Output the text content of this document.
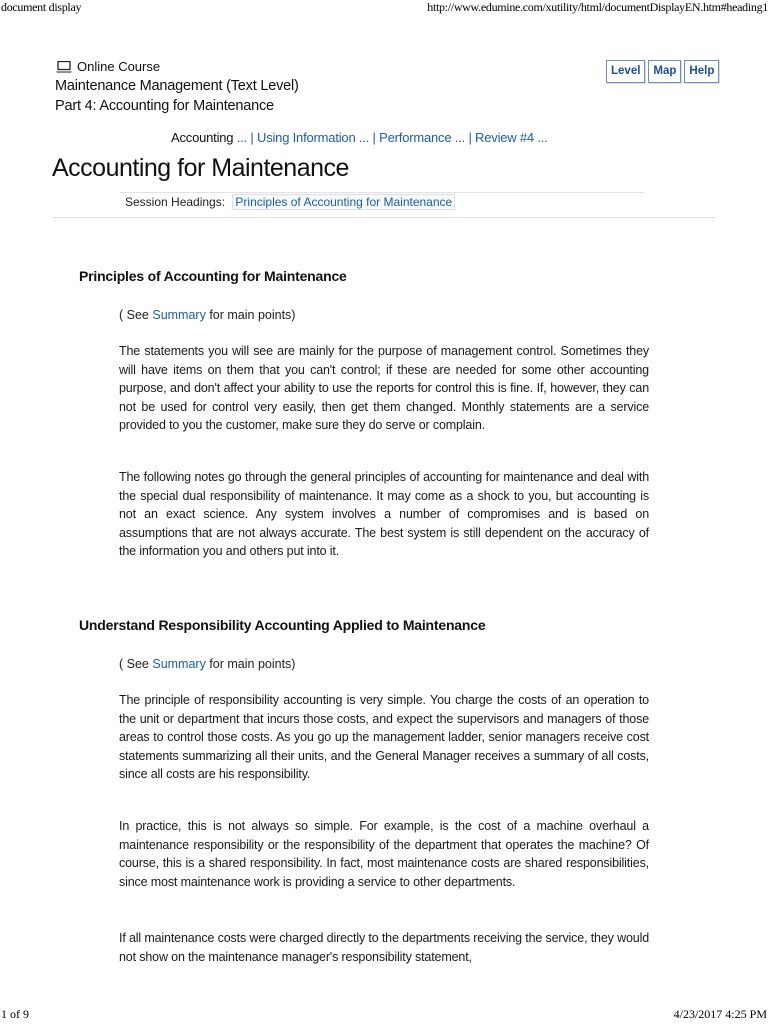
document display	http://www.edumine.com/xutility/html/documentDisplayEN.htm#heading1
Online Course
Maintenance Management (Text Level)
Part 4: Accounting for Maintenance
Level	Map	Help
Accounting ... | Using Information ... | Performance ... | Review #4 ...
Accounting for Maintenance
Session Headings: Principles of Accounting for Maintenance
Principles of Accounting for Maintenance
( See Summary for main points)

The statements you will see are mainly for the purpose of management control. Sometimes they will have items on them that you can't control; if these are needed for some other accounting purpose, and don't affect your ability to use the reports for control this is fine. If, however, they can not be used for control very easily, then get them changed. Monthly statements are a service provided to you the customer, make sure they do serve or complain.

The following notes go through the general principles of accounting for maintenance and deal with the special dual responsibility of maintenance. It may come as a shock to you, but accounting is not an exact science. Any system involves a number of compromises and is based on assumptions that are not always accurate. The best system is still dependent on the accuracy of the information you and others put into it.

Understand Responsibility Accounting Applied to Maintenance
( See Summary for main points)

The principle of responsibility accounting is very simple. You charge the costs of an operation to the unit or department that incurs those costs, and expect the supervisors and managers of those areas to control those costs. As you go up the management ladder, senior managers receive cost statements summarizing all their units, and the General Manager receives a summary of all costs, since all costs are his responsibility.

In practice, this is not always so simple. For example, is the cost of a machine overhaul a maintenance responsibility or the responsibility of the department that operates the machine? Of course, this is a shared responsibility. In fact, most maintenance costs are shared responsibilities, since most maintenance work is providing a service to other departments.

If all maintenance costs were charged directly to the departments receiving the service, they would not show on the maintenance manager's responsibility statement,

1 of 9	4/23/2017 4:25 PM
